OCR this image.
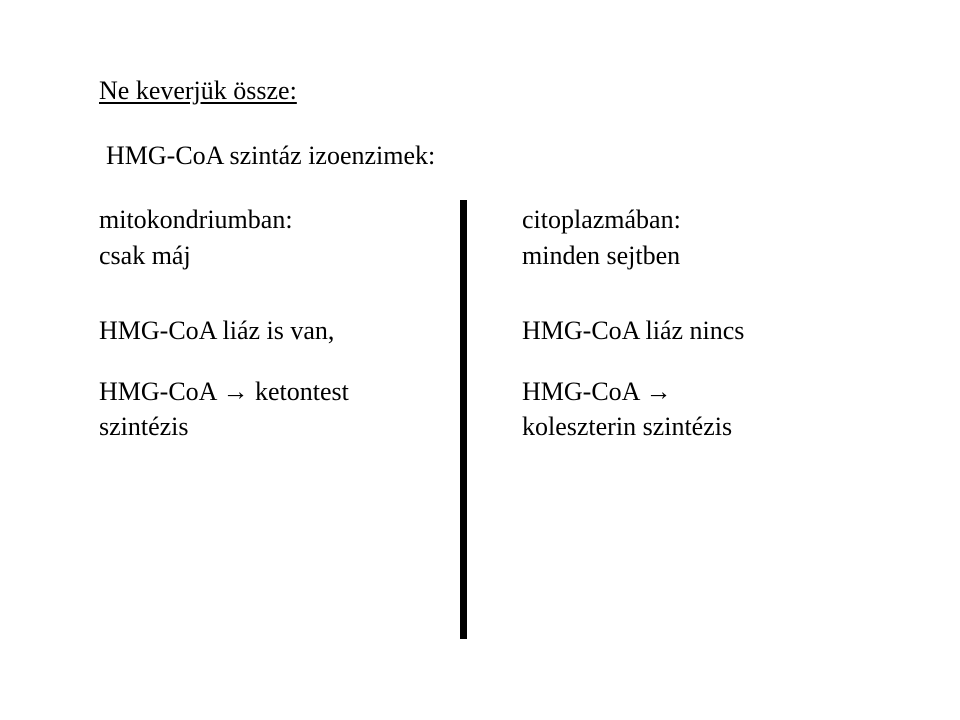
Ne keverjük össze:
HMG-CoA szintáz izoenzimek:
mitokondriumban:
csak máj
HMG-CoA liáz is van,
HMG-CoA → ketontest
szintézis
citoplazmában:
minden sejtben
HMG-CoA liáz nincs
HMG-CoA →
koleszterin szintézis
